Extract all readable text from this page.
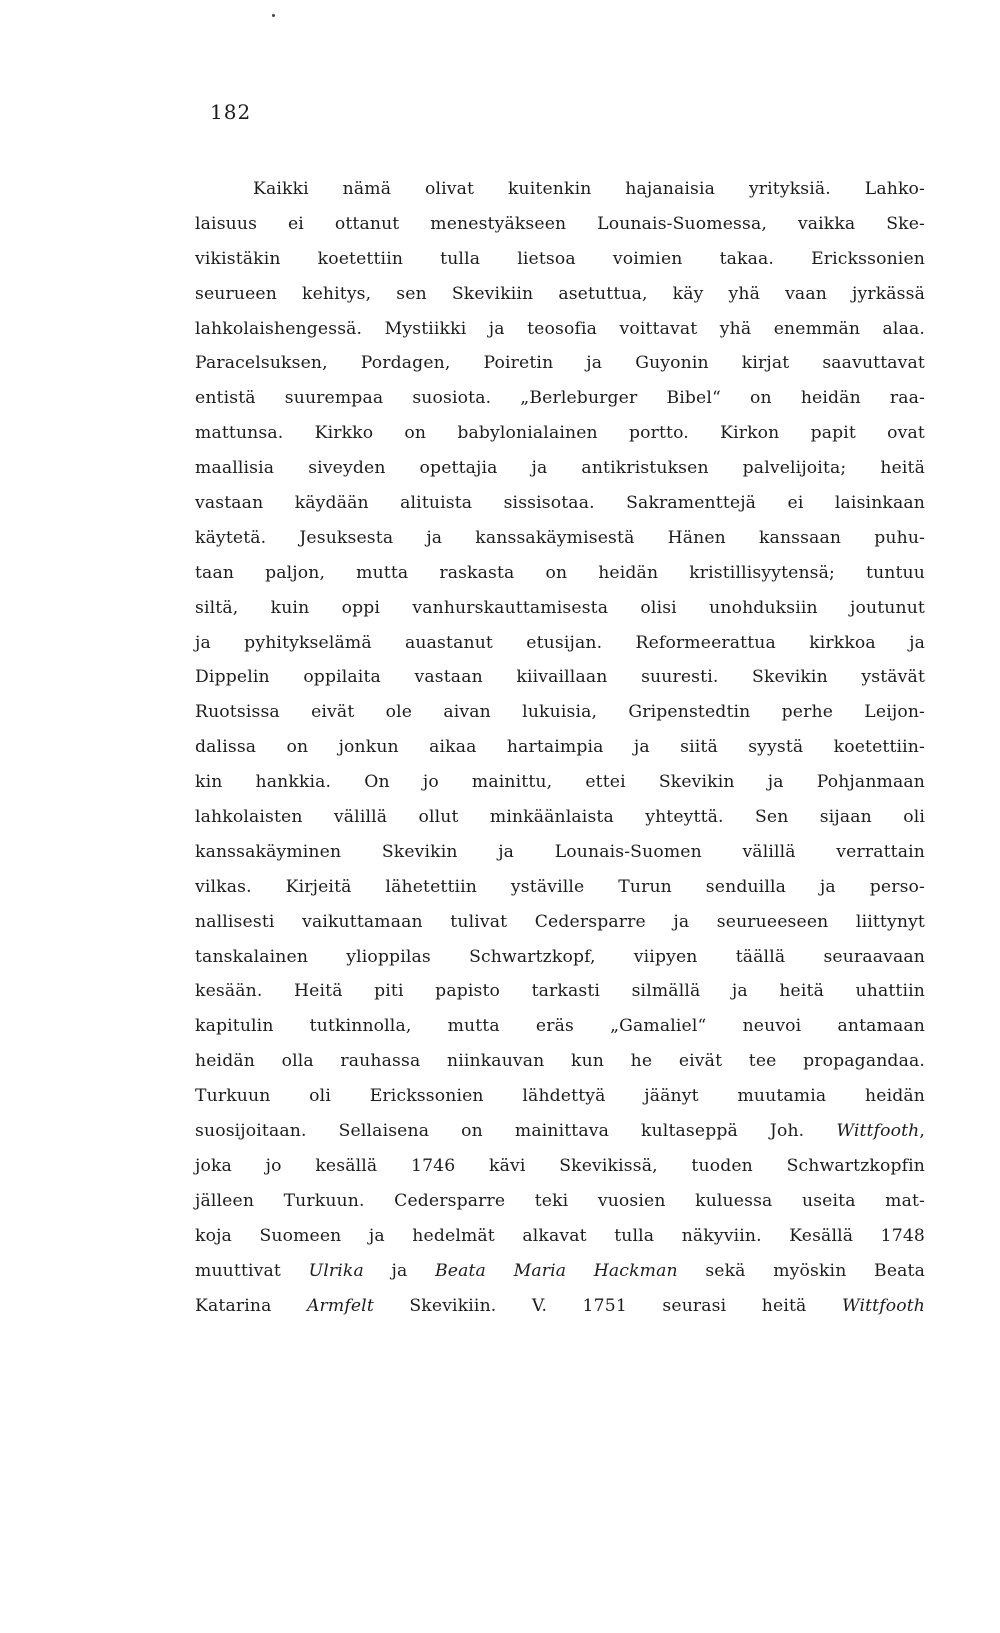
182
Kaikki nämä olivat kuitenkin hajanaisia yrityksiä. Lahko-
laisuus ei ottanut menestyäkseen Lounais-Suomessa, vaikka Ske-
vikistäkin koetettiin tulla lietsoa voimien takaa. Erickssonien
seurueen kehitys, sen Skevikiin asetuttua, käy yhä vaan jyrkässä
lahkolaishengessä. Mystiikki ja teosofia voittavat yhä enemmän alaa.
Paracelsuksen, Pordagen, Poiretin ja Guyonin kirjat saavuttavat
entistä suurempaa suosiota. „Berleburger Bibel“ on heidän raa-
mattunsa. Kirkko on babylonialainen portto. Kirkon papit ovat
maallisia siveyden opettajia ja antikristuksen palvelijoita; heitä
vastaan käydään alituista sissisotaa. Sakramenttejä ei laisinkaan
käytetä. Jesuksesta ja kanssakäymisestä Hänen kanssaan puhu-
taan paljon, mutta raskasta on heidän kristillisyytensä; tuntuu
siltä, kuin oppi vanhurskauttamisesta olisi unohduksiin joutunut
ja pyhitykselämä auastanut etusijan. Reformeerattua kirkkoa ja
Dippelin oppilaita vastaan kiivaillaan suuresti. Skevikin ystävät
Ruotsissa eivät ole aivan lukuisia, Gripenstedtin perhe Leijon-
dalissa on jonkun aikaa hartaimpia ja siitä syystä koetettiin-
kin hankkia. On jo mainittu, ettei Skevikin ja Pohjanmaan
lahkolaisten välillä ollut minkäänlaista yhteyttä. Sen sijaan oli
kanssakäyminen Skevikin ja Lounais-Suomen välillä verrattain
vilkas. Kirjeitä lähetettiin ystäville Turun senduilla ja perso-
nallisesti vaikuttamaan tulivat Cedersparre ja seurueeseen liittynyt
tanskalainen ylioppilas Schwartzkopf, viipyen täällä seuraavaan
kesään. Heitä piti papisto tarkasti silmällä ja heitä uhattiin
kapitulin tutkinnolla, mutta eräs „Gamaliel“ neuvoi antamaan
heidän olla rauhassa niinkauvan kun he eivät tee propagandaa.
Turkuun oli Erickssonien lähdettyä jäänyt muutamia heidän
suosijoitaan. Sellaisena on mainittava kultaseppä Joh. Wittfooth,
joka jo kesällä 1746 kävi Skevikissä, tuoden Schwartzkopfin
jälleen Turkuun. Cedersparre teki vuosien kuluessa useita mat-
koja Suomeen ja hedelmät alkavat tulla näkyviin. Kesällä 1748
muuttivat Ulrika ja Beata Maria Hackman sekä myöskin Beata
Katarina Armfelt Skevikiin. V. 1751 seurasi heitä Wittfooth
